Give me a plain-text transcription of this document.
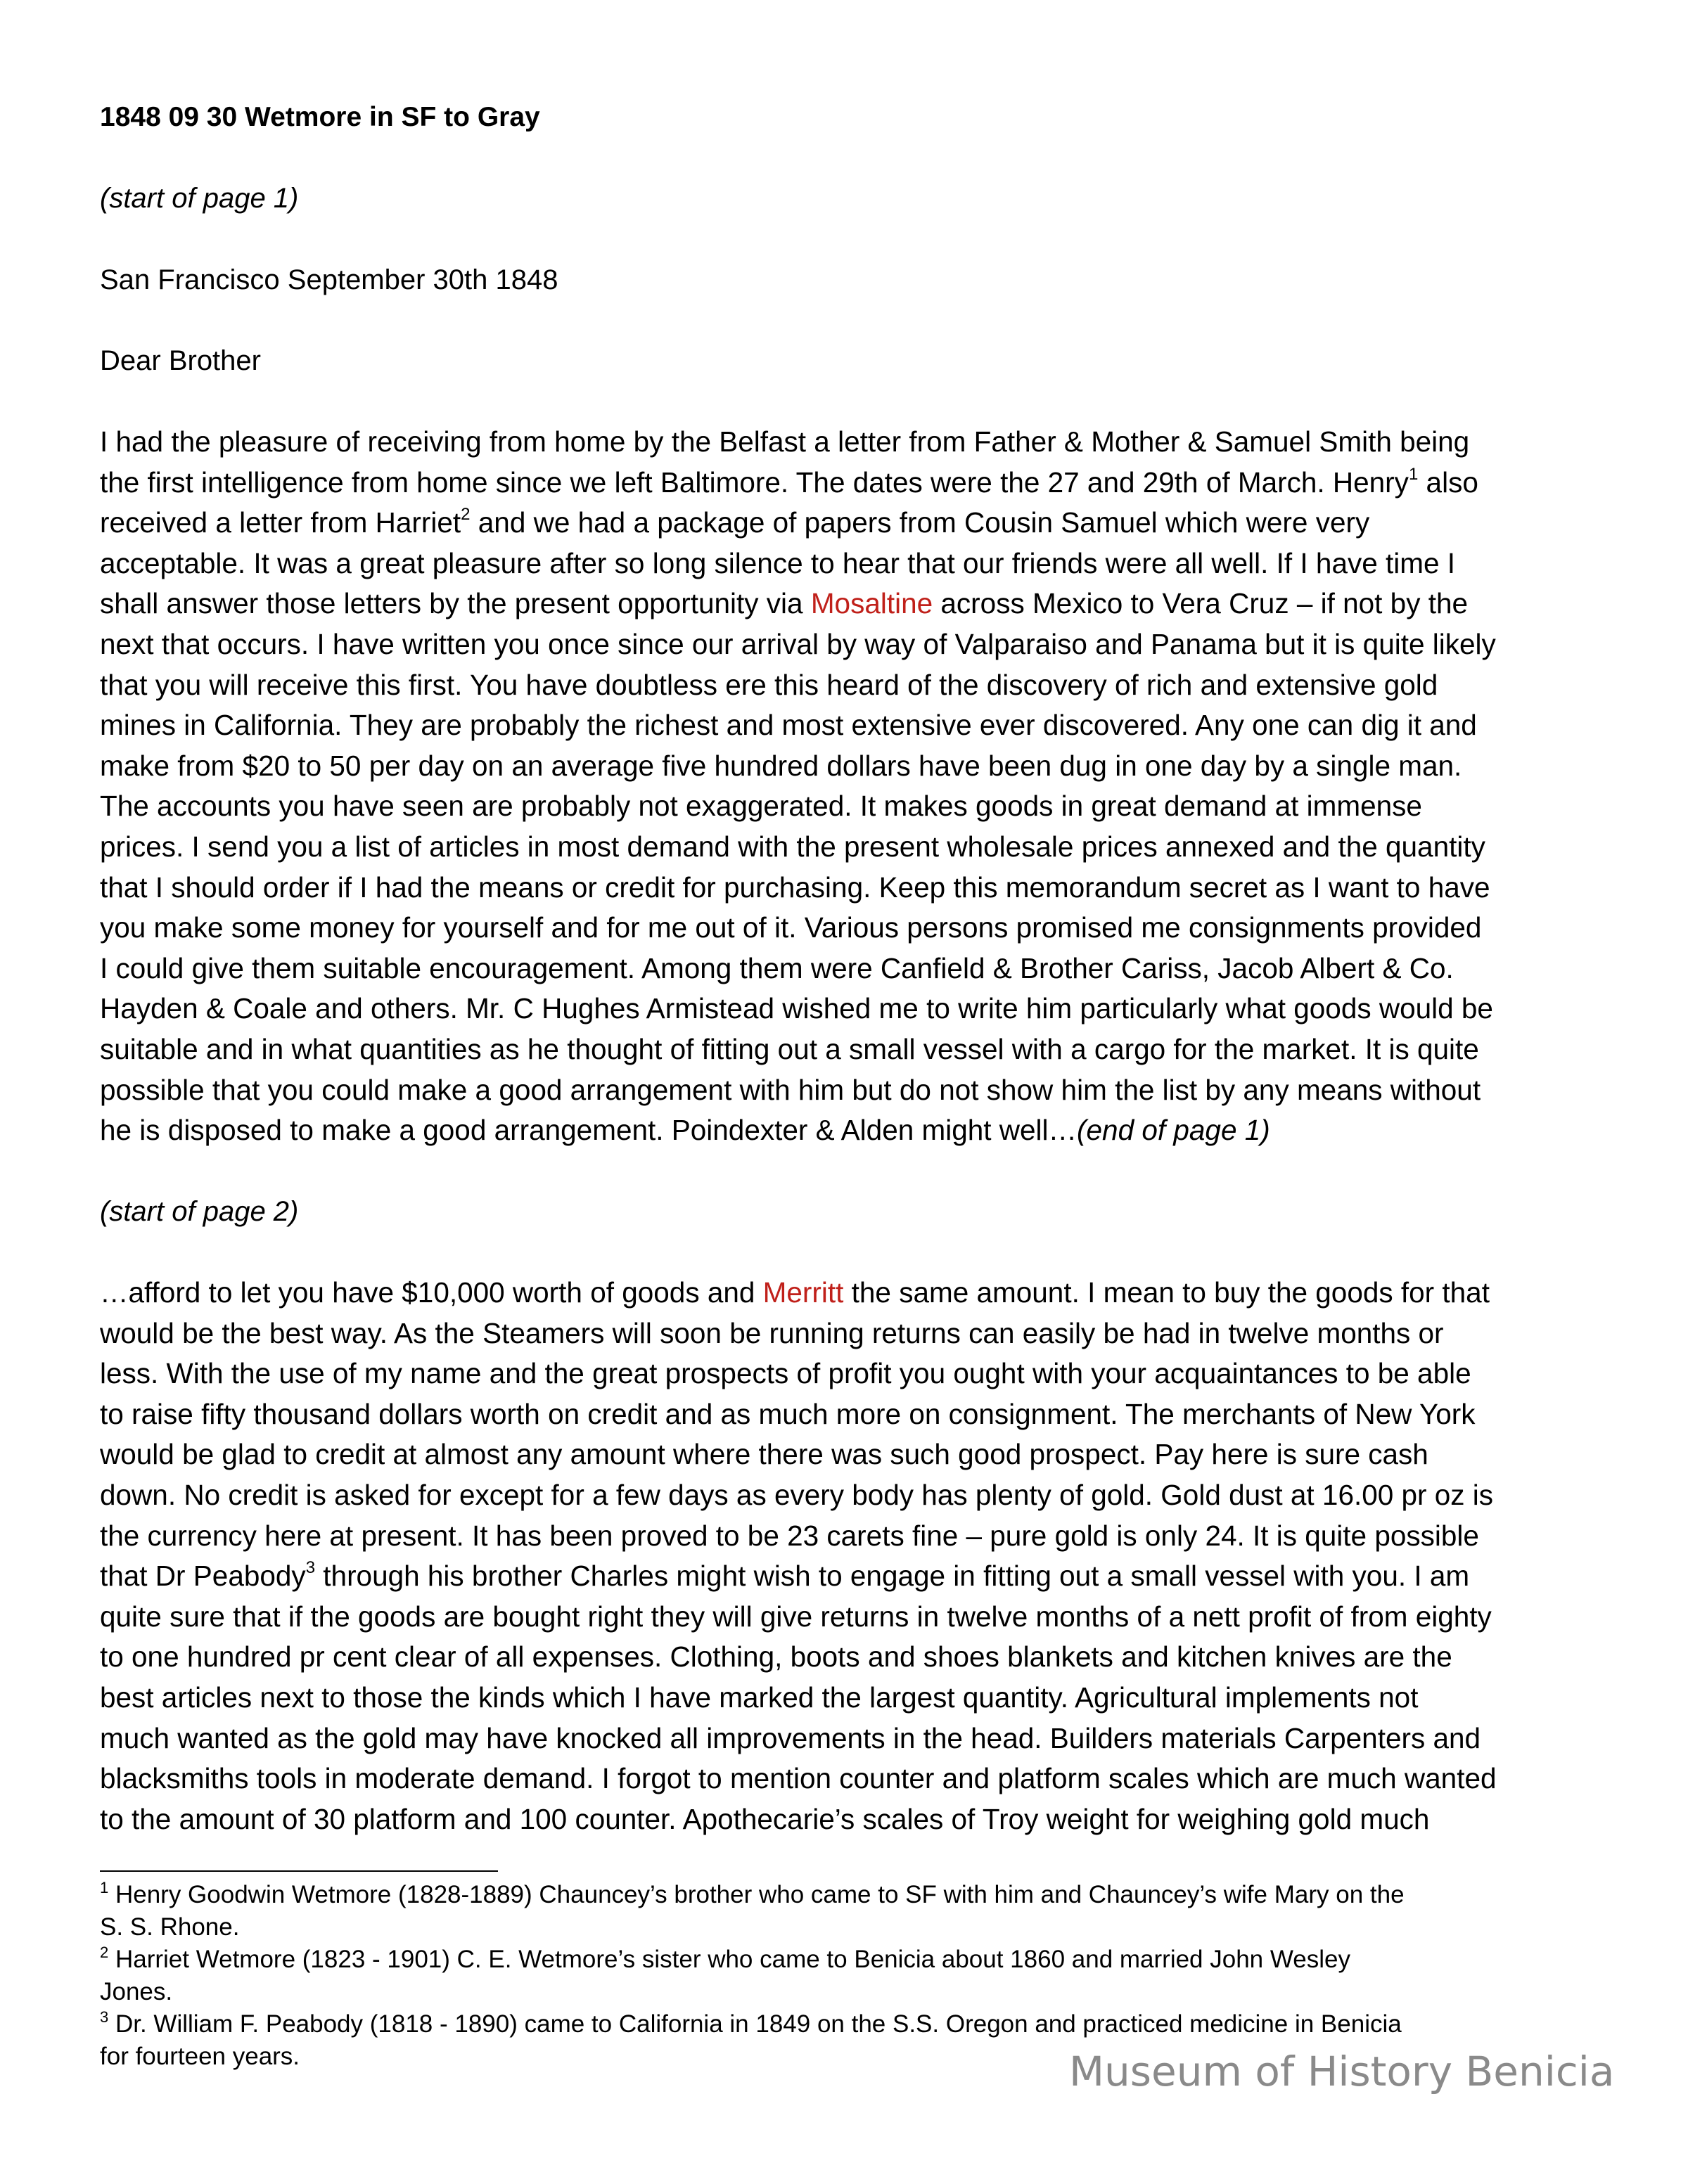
1848 09 30 Wetmore in SF to Gray
(start of page 1)
San Francisco September 30th 1848
Dear Brother
I had the pleasure of receiving from home by the Belfast a letter from Father & Mother & Samuel Smith being
the first intelligence from home since we left Baltimore. The dates were the 27 and 29th of March. Henry$^1$ also
received a letter from Harriet$^2$ and we had a package of papers from Cousin Samuel which were very
acceptable. It was a great pleasure after so long silence to hear that our friends were all well. If I have time I
shall answer those letters by the present opportunity via Mosaltine across Mexico to Vera Cruz – if not by the
next that occurs. I have written you once since our arrival by way of Valparaiso and Panama but it is quite likely
that you will receive this first. You have doubtless ere this heard of the discovery of rich and extensive gold
mines in California. They are probably the richest and most extensive ever discovered. Any one can dig it and
make from $20 to 50 per day on an average five hundred dollars have been dug in one day by a single man.
The accounts you have seen are probably not exaggerated. It makes goods in great demand at immense
prices. I send you a list of articles in most demand with the present wholesale prices annexed and the quantity
that I should order if I had the means or credit for purchasing. Keep this memorandum secret as I want to have
you make some money for yourself and for me out of it. Various persons promised me consignments provided
I could give them suitable encouragement. Among them were Canfield & Brother Cariss, Jacob Albert & Co.
Hayden & Coale and others. Mr. C Hughes Armistead wished me to write him particularly what goods would be
suitable and in what quantities as he thought of fitting out a small vessel with a cargo for the market. It is quite
possible that you could make a good arrangement with him but do not show him the list by any means without
he is disposed to make a good arrangement. Poindexter & Alden might well…(end of page 1)
(start of page 2)
…afford to let you have $10,000 worth of goods and Merritt the same amount. I mean to buy the goods for that
would be the best way. As the Steamers will soon be running returns can easily be had in twelve months or
less. With the use of my name and the great prospects of profit you ought with your acquaintances to be able
to raise fifty thousand dollars worth on credit and as much more on consignment. The merchants of New York
would be glad to credit at almost any amount where there was such good prospect. Pay here is sure cash
down. No credit is asked for except for a few days as every body has plenty of gold. Gold dust at 16.00 pr oz is
the currency here at present. It has been proved to be 23 carets fine – pure gold is only 24. It is quite possible
that Dr Peabody$^3$ through his brother Charles might wish to engage in fitting out a small vessel with you. I am
quite sure that if the goods are bought right they will give returns in twelve months of a nett profit of from eighty
to one hundred pr cent clear of all expenses. Clothing, boots and shoes blankets and kitchen knives are the
best articles next to those the kinds which I have marked the largest quantity. Agricultural implements not
much wanted as the gold may have knocked all improvements in the head. Builders materials Carpenters and
blacksmiths tools in moderate demand. I forgot to mention counter and platform scales which are much wanted
to the amount of 30 platform and 100 counter. Apothecarie’s scales of Troy weight for weighing gold much
$^1$ Henry Goodwin Wetmore (1828-1889) Chauncey’s brother who came to SF with him and Chauncey’s wife Mary on the
S. S. Rhone.
$^2$ Harriet Wetmore (1823 - 1901) C. E. Wetmore’s sister who came to Benicia about 1860 and married John Wesley
Jones.
$^3$ Dr. William F. Peabody (1818 - 1890) came to California in 1849 on the S.S. Oregon and practiced medicine in Benicia
for fourteen years.	Museum of History Benicia
